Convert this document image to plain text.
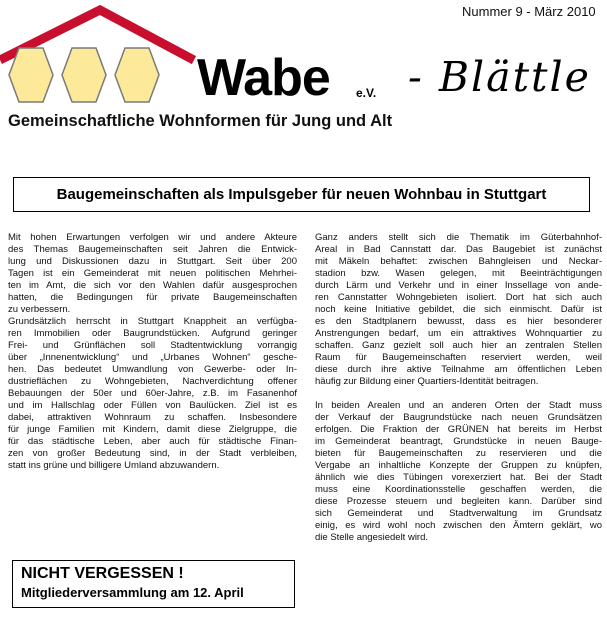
Nummer 9 - März 2010
Wabe e.V. - Blättle
Gemeinschaftliche Wohnformen für Jung und Alt
Baugemeinschaften als Impulsgeber für neuen Wohnbau in Stuttgart
Mit hohen Erwartungen verfolgen wir und andere Akteure
des Themas Baugemeinschaften seit Jahren die Entwick-
lung und Diskussionen dazu in Stuttgart. Seit über 200
Tagen ist ein Gemeinderat mit neuen politischen Mehrhei-
ten im Amt, die sich vor den Wahlen dafür ausgesprochen
hatten, die Bedingungen für private Baugemeinschaften
zu verbessern.
Grundsätzlich herrscht in Stuttgart Knappheit an verfügba-
ren Immobilien oder Baugrundstücken. Aufgrund geringer
Frei- und Grünflächen soll Stadtentwicklung vorrangig
über „Innenentwicklung“ und „Urbanes Wohnen“ gesche-
hen. Das bedeutet Umwandlung von Gewerbe- oder In-
dustrieflächen zu Wohngebieten, Nachverdichtung offener
Bebauungen der 50er und 60er-Jahre, z.B. im Fasanenhof
und im Hallschlag oder Füllen von Baulücken. Ziel ist es
dabei, attraktiven Wohnraum zu schaffen. Insbesondere
für junge Familien mit Kindern, damit diese Zielgruppe, die
für das städtische Leben, aber auch für städtische Finan-
zen von großer Bedeutung sind, in der Stadt verbleiben,
statt ins grüne und billigere Umland abzuwandern.
Ganz anders stellt sich die Thematik im Güterbahnhof-
Areal in Bad Cannstatt dar. Das Baugebiet ist zunächst
mit Mäkeln behaftet: zwischen Bahngleisen und Neckar-
stadion bzw. Wasen gelegen, mit Beeinträchtigungen
durch Lärm und Verkehr und in einer Inssellage von ande-
ren Cannstatter Wohngebieten isoliert. Dort hat sich auch
noch keine Initiative gebildet, die sich einmischt. Dafür ist
es den Stadtplanern bewusst, dass es hier besonderer
Anstrengungen bedarf, um ein attraktives Wohnquartier zu
schaffen. Ganz gezielt soll auch hier an zentralen Stellen
Raum für Baugemeinschaften reserviert werden, weil
diese durch ihre aktive Teilnahme am öffentlichen Leben
häufig zur Bildung einer Quartiers-Identität beitragen.
In beiden Arealen und an anderen Orten der Stadt muss
der Verkauf der Baugrundstücke nach neuen Grundsätzen
erfolgen. Die Fraktion der GRÜNEN hat bereits im Herbst
im Gemeinderat beantragt, Grundstücke in neuen Bauge-
bieten für Baugemeinschaften zu reservieren und die
Vergabe an inhaltliche Konzepte der Gruppen zu knüpfen,
ähnlich wie dies Tübingen vorexerziert hat. Bei der Stadt
muss eine Koordinationsstelle geschaffen werden, die
diese Prozesse steuern und begleiten kann. Darüber sind
sich Gemeinderat und Stadtverwaltung im Grundsatz
einig, es wird wohl noch zwischen den Ämtern geklärt, wo
die Stelle angesiedelt wird.
NICHT VERGESSEN !
Mitgliederversammlung am 12. April
